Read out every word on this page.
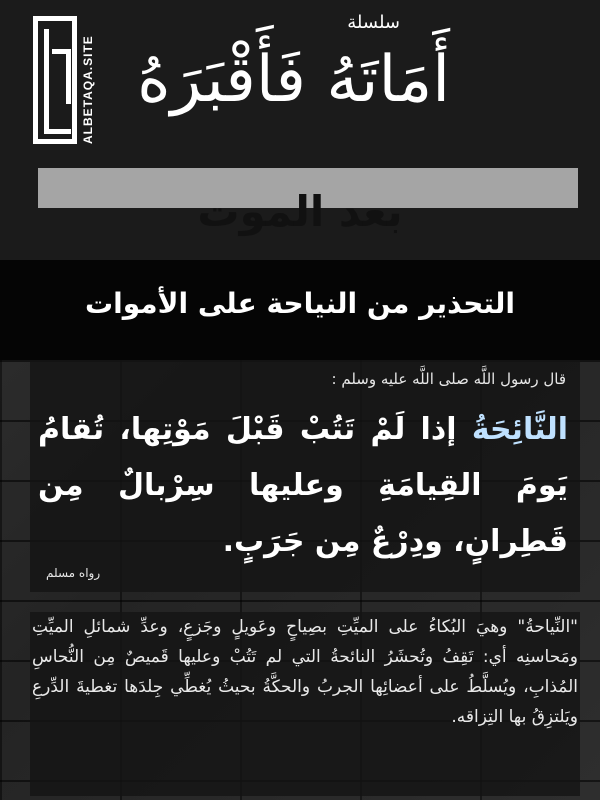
ALBETAQA.SITE
سلسلة
أَمَاتَهُ فَأَقْبَرَهُ
بعد الموت
التحذير من النياحة على الأموات
قال رسول اللَّه صلى اللَّه عليه وسلم :
النَّائِحَةُ إذا لَمْ تَتُبْ قَبْلَ مَوْتِها، تُقامُ يَومَ القِيامَةِ وعليها سِرْبالٌ مِن قَطِرانٍ، ودِرْعٌ مِن جَرَبٍ.
رواه مسلم
"النِّياحةُ" وهيَ البُكاءُ على الميِّتِ بصِياحٍ وعَويلٍ وجَزعٍ، وعدِّ شمائلِ الميِّتِ ومَحاسنِه أي: تَقِفُ وتُحشَرُ النائحةُ التي لم تَتُبْ وعليها قَميصٌ مِن النُّحاسِ المُذابِ، ويُسلَّطُ على أعضائِها الجربُ والحكَّةُ بحيثُ يُغطِّي جِلدَها تغطيةَ الدِّرعِ ويَلتزِقُ بها التِزاقه.
